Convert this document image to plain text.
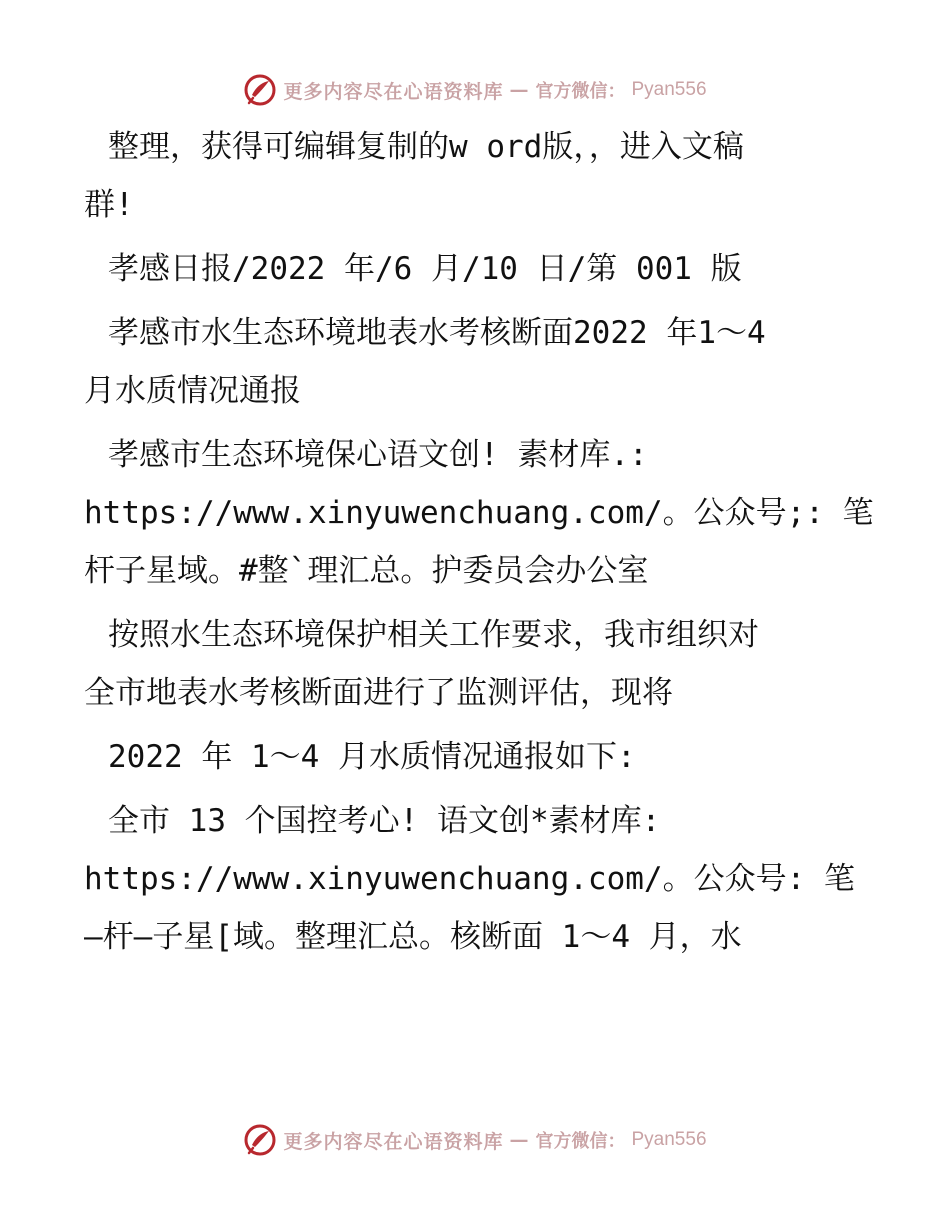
更多内容尽在心语资料库 — 官方微信： Pyan556

整理，获得可编辑复制的w ord版，，进入文稿
群!

孝感日报/2022 年/6 月/10 日/第 001 版

孝感市水生态环境地表水考核断面2022 年1～4
月水质情况通报

孝感市生态环境保心语文创! 素材库.:
https://www.xinyuwenchuang.com/。公众号;: 笔
杆子星域。#整`理汇总。护委员会办公室

按照水生态环境保护相关工作要求，我市组织对
全市地表水考核断面进行了监测评估，现将

2022 年 1～4 月水质情况通报如下:

全市 13 个国控考心! 语文创*素材库:
https://www.xinyuwenchuang.com/。公众号: 笔
—杆—子星[域。整理汇总。核断面 1～4 月，水

更多内容尽在心语资料库 — 官方微信： Pyan556
